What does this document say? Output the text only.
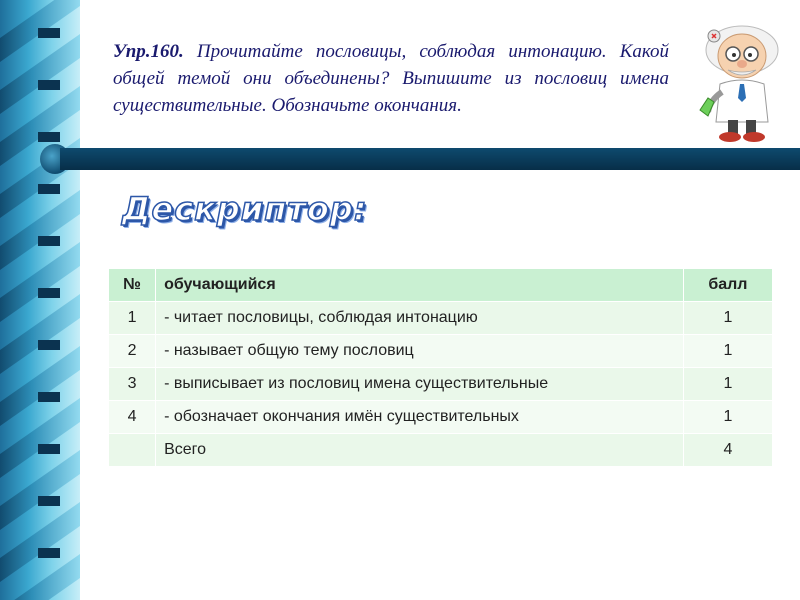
Упр.160. Прочитайте пословицы, соблюдая интонацию. Какой общей темой они объединены? Выпишите из пословиц имена существительные. Обозначьте окончания.

Дескриптор:
№	обучающийся	балл
1	- читает пословицы, соблюдая интонацию	1
2	- называет общую тему пословиц	1
3	- выписывает из пословиц имена существительные	1
4	- обозначает окончания имён существительных	1
	Всего	4
